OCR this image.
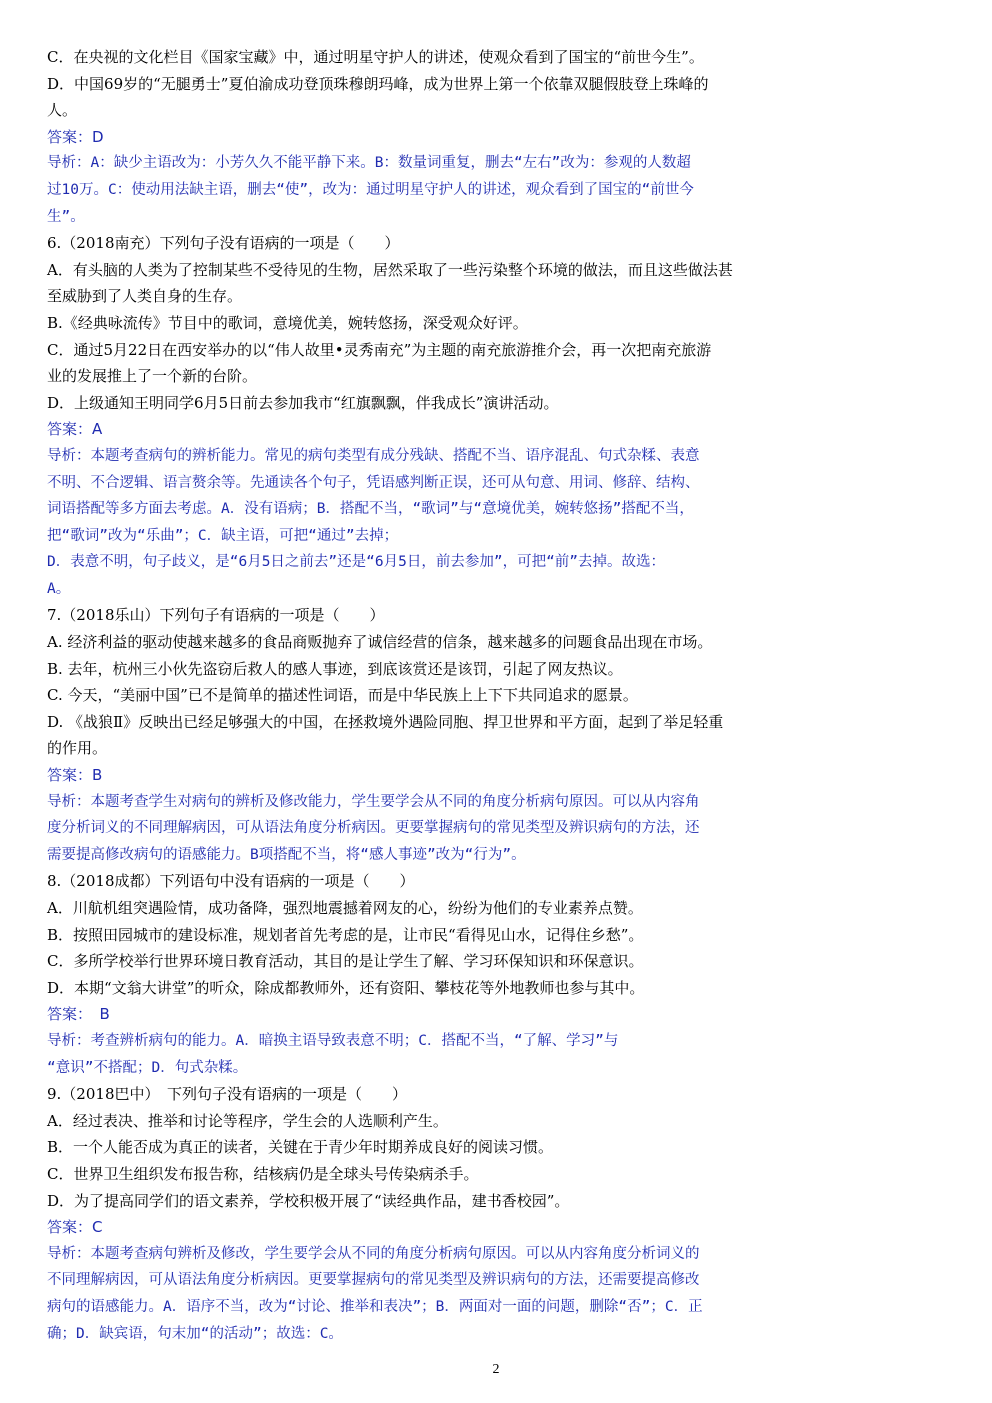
C．在央视的文化栏目《国家宝藏》中，通过明星守护人的讲述，使观众看到了国宝的“前世今生”。
D．中国69岁的“无腿勇士”夏伯渝成功登顶珠穆朗玛峰，成为世界上第一个依靠双腿假肢登上珠峰的
人。
答案：D
导析：A：缺少主语改为：小芳久久不能平静下来。B：数量词重复，删去“左右”改为：参观的人数超
过10万。C：使动用法缺主语，删去“使”，改为：通过明星守护人的讲述，观众看到了国宝的“前世今
生”。
6.（2018南充）下列句子没有语病的一项是（　　）
A．有头脑的人类为了控制某些不受待见的生物，居然采取了一些污染整个环境的做法，而且这些做法甚
至威胁到了人类自身的生存。
B.《经典咏流传》节目中的歌词，意境优美，婉转悠扬，深受观众好评。
C．通过5月22日在西安举办的以“伟人故里•灵秀南充”为主题的南充旅游推介会，再一次把南充旅游
业的发展推上了一个新的台阶。
D．上级通知王明同学6月5日前去参加我市“红旗飘飘，伴我成长”演讲活动。
答案：A
导析：本题考查病句的辨析能力。常见的病句类型有成分残缺、搭配不当、语序混乱、句式杂糅、表意
不明、不合逻辑、语言赘余等。先通读各个句子，凭语感判断正误，还可从句意、用词、修辞、结构、
词语搭配等多方面去考虑。A．没有语病；B．搭配不当，“歌词”与“意境优美，婉转悠扬”搭配不当，
把“歌词”改为“乐曲”；C．缺主语，可把“通过”去掉；
D．表意不明，句子歧义，是“6月5日之前去”还是“6月5日，前去参加”，可把“前”去掉。故选：
A。
7.（2018乐山）下列句子有语病的一项是（　　）
A. 经济利益的驱动使越来越多的食品商贩抛弃了诚信经营的信条，越来越多的问题食品出现在市场。
B. 去年，杭州三小伙先盗窃后救人的感人事迹，到底该赏还是该罚，引起了网友热议。
C. 今天，“美丽中国”已不是简单的描述性词语，而是中华民族上上下下共同追求的愿景。
D. 《战狼Ⅱ》反映出已经足够强大的中国，在拯救境外遇险同胞、捍卫世界和平方面，起到了举足轻重
的作用。
答案：B
导析：本题考查学生对病句的辨析及修改能力，学生要学会从不同的角度分析病句原因。可以从内容角
度分析词义的不同理解病因，可从语法角度分析病因。更要掌握病句的常见类型及辨识病句的方法，还
需要提高修改病句的语感能力。B项搭配不当，将“感人事迹”改为“行为”。
8.（2018成都）下列语句中没有语病的一项是（　　）
A．川航机组突遇险情，成功备降，强烈地震撼着网友的心，纷纷为他们的专业素养点赞。
B．按照田园城市的建设标准，规划者首先考虑的是，让市民“看得见山水，记得住乡愁”。
C．多所学校举行世界环境日教育活动，其目的是让学生了解、学习环保知识和环保意识。
D．本期“文翁大讲堂”的听众，除成都教师外，还有资阳、攀枝花等外地教师也参与其中。
答案：　B
导析：考查辨析病句的能力。A．暗换主语导致表意不明；C．搭配不当，“了解、学习”与
“意识”不搭配；D．句式杂糅。
9.（2018巴中）　下列句子没有语病的一项是（　　）
A．经过表决、推举和讨论等程序，学生会的人选顺利产生。
B．一个人能否成为真正的读者，关键在于青少年时期养成良好的阅读习惯。
C．世界卫生组织发布报告称，结核病仍是全球头号传染病杀手。
D．为了提高同学们的语文素养，学校积极开展了“读经典作品，建书香校园”。
答案：C
导析：本题考查病句辨析及修改，学生要学会从不同的角度分析病句原因。可以从内容角度分析词义的
不同理解病因，可从语法角度分析病因。更要掌握病句的常见类型及辨识病句的方法，还需要提高修改
病句的语感能力。A．语序不当，改为“讨论、推举和表决”；B．两面对一面的问题，删除“否”；C．正
确；D．缺宾语，句末加“的活动”；故选：C。
2
